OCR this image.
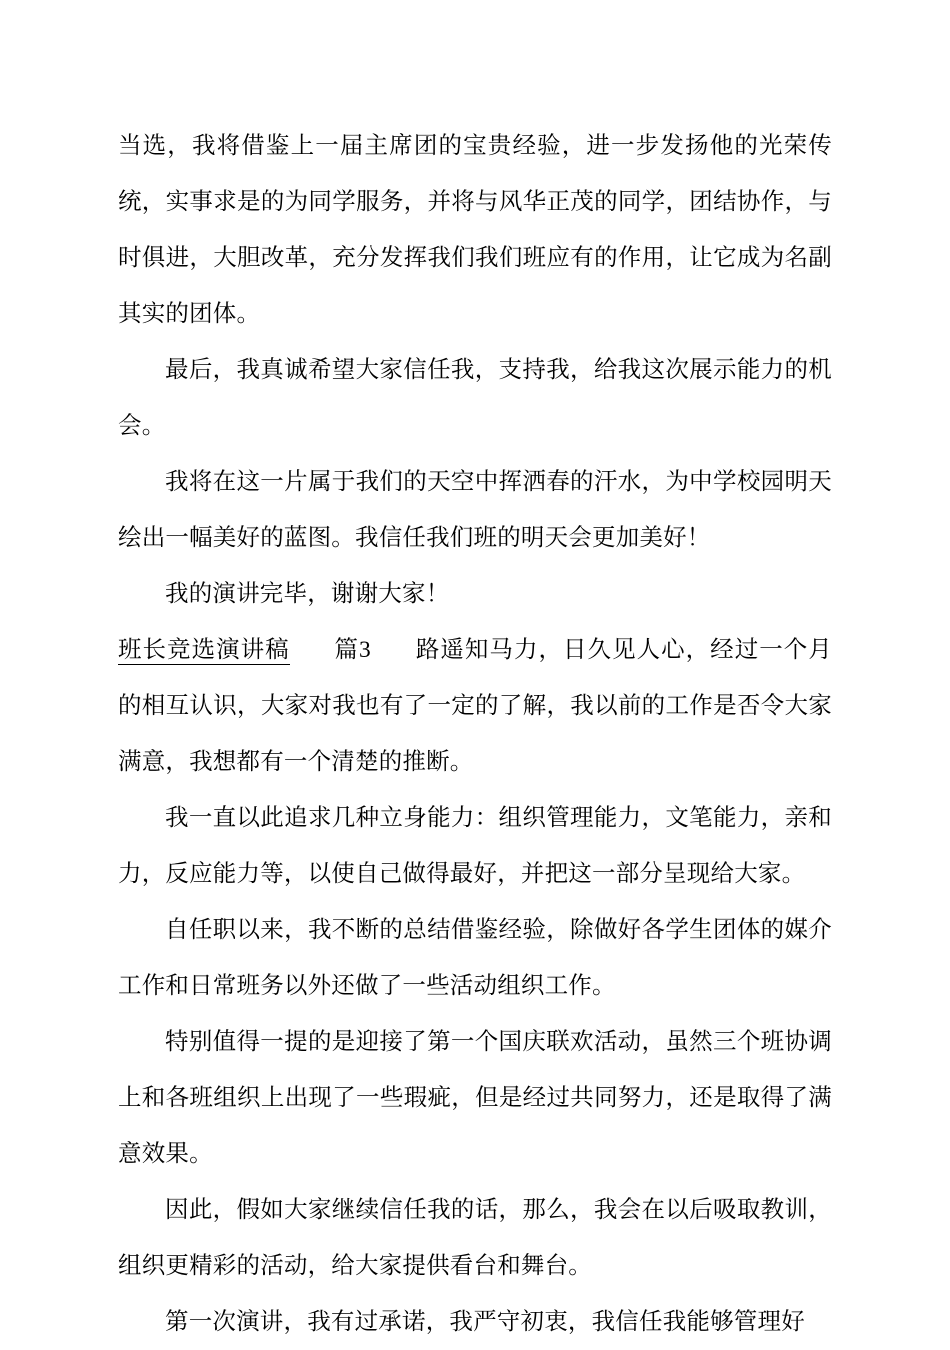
当选，我将借鉴上一届主席团的宝贵经验，进一步发扬他的光荣传统，实事求是的为同学服务，并将与风华正茂的同学，团结协作，与时俱进，大胆改革，充分发挥我们我们班应有的作用，让它成为名副其实的团体。

最后，我真诚希望大家信任我，支持我，给我这次展示能力的机会。

我将在这一片属于我们的天空中挥洒春的汗水，为中学校园明天绘出一幅美好的蓝图。我信任我们班的明天会更加美好！

我的演讲完毕，谢谢大家！

班长竞选演讲稿 篇3 路遥知马力，日久见人心，经过一个月的相互认识，大家对我也有了一定的了解，我以前的工作是否令大家满意，我想都有一个清楚的推断。

我一直以此追求几种立身能力：组织管理能力，文笔能力，亲和力，反应能力等，以使自己做得最好，并把这一部分呈现给大家。

自任职以来，我不断的总结借鉴经验，除做好各学生团体的媒介工作和日常班务以外还做了一些活动组织工作。

特别值得一提的是迎接了第一个国庆联欢活动，虽然三个班协调上和各班组织上出现了一些瑕疵，但是经过共同努力，还是取得了满意效果。

因此，假如大家继续信任我的话，那么，我会在以后吸取教训，组织更精彩的活动，给大家提供看台和舞台。

第一次演讲，我有过承诺，我严守初衷，我信任我能够管理好
